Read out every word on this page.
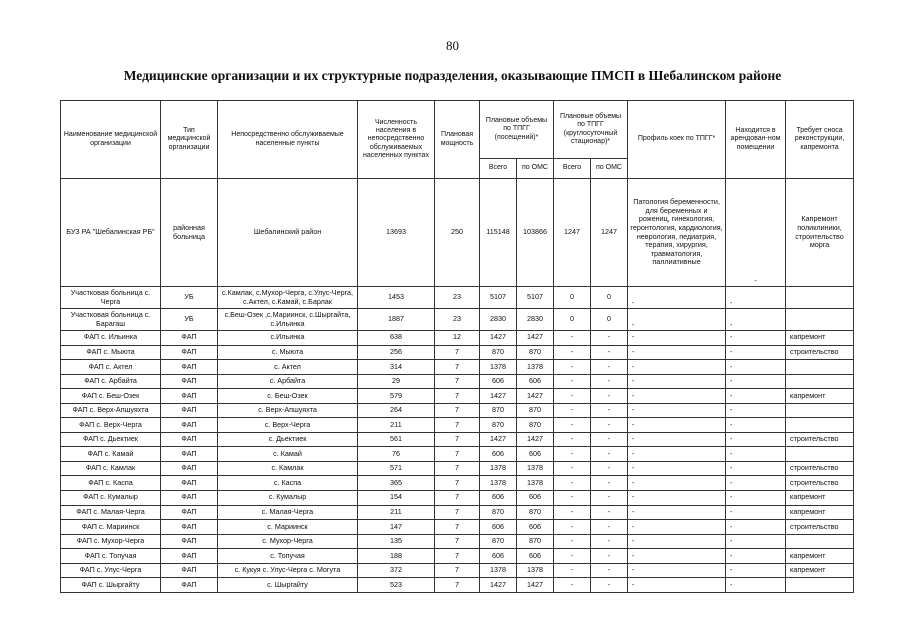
80
Медицинские организации и их структурные подразделения, оказывающие ПМСП в Шебалинском районе
Наименование медицинской организации	Тип медицинской организации	Непосредственно обслуживаемые населенные пункты	Численность населения в непосредственно обслуживаемых населенных пунктах	Плановая мощность	Плановые объемы по ТПГГ (посещений)*		Плановые объемы по ТПГГ (круглосуточный стационар)*		Профиль коек по ТПГГ*	Находится в арендован-ном помещении	Требует сноса реконструкции, капремонта
					Всего	по ОМС	Всего	по ОМС			
БУЗ РА "Шебалинская РБ"	районная больница	Шебалинский район	13693	250	115148	103866	1247	1247	Патология беременности, для беременных и рожениц, гинекология, геронтология, кардиология, неврология, педиатрия, терапия, хирургия, травматология, паллиативные	-	Капремонт поликлиники, строительство морга
Участковая больница с. Черга	УБ	с.Камлак, с.Мухор-Черга, с.Улус-Черга, с.Актел, с.Камай, с.Барлак	1453	23	5107	5107	0	0	-	-	
Участковая больница с. Барагаш	УБ	с.Беш-Озек ,с.Мариинск, с.Шыргайта, с.Ильинка	1887	23	2830	2830	0	0	-	-	
ФАП с. Ильинка	ФАП	с.Ильинка	638	12	1427	1427	-	-	-	-	капремонт
ФАП с. Мыюта	ФАП	с. Мыюта	256	7	870	870	-	-	-	-	строительство
ФАП с. Актел	ФАП	с. Актел	314	7	1378	1378	-	-	-	-	
ФАП с. Арбайта	ФАП	с. Арбайта	29	7	606	606	-	-	-	-	
ФАП с. Беш-Озек	ФАП	с. Беш-Озек	579	7	1427	1427	-	-	-	-	капремонт
ФАП с. Верх-Апшуяхта	ФАП	с. Верх-Апшуяхта	264	7	870	870	-	-	-	-	
ФАП с. Верх-Черга	ФАП	с. Верх-Черга	211	7	870	870	-	-	-	-	
ФАП с. Дьектиек	ФАП	с. Дьектиек	561	7	1427	1427	-	-	-	-	строительство
ФАП с. Камай	ФАП	с. Камай	76	7	606	606	-	-	-	-	
ФАП с. Камлак	ФАП	с. Камлак	571	7	1378	1378	-	-	-	-	строительство
ФАП с. Каспа	ФАП	с. Каспа	365	7	1378	1378	-	-	-	-	строительство
ФАП с. Кумалыр	ФАП	с. Кумалыр	154	7	606	606	-	-	-	-	капремонт
ФАП с. Малая-Черга	ФАП	с. Малая-Черга	211	7	870	870	-	-	-	-	капремонт
ФАП с. Мариинск	ФАП	с. Мариинск	147	7	606	606	-	-	-	-	строительство
ФАП с. Мухор-Черга	ФАП	с. Мухор-Черга	135	7	870	870	-	-	-	-	
ФАП с. Топучая	ФАП	с. Топучая	188	7	606	606	-	-	-	-	капремонт
ФАП с. Улус-Черга	ФАП	с. Кукуя с. Улус-Черга с. Могута	372	7	1378	1378	-	-	-	-	капремонт
ФАП с. Шыргайту	ФАП	с. Шыргайту	523	7	1427	1427	-	-	-	-	
